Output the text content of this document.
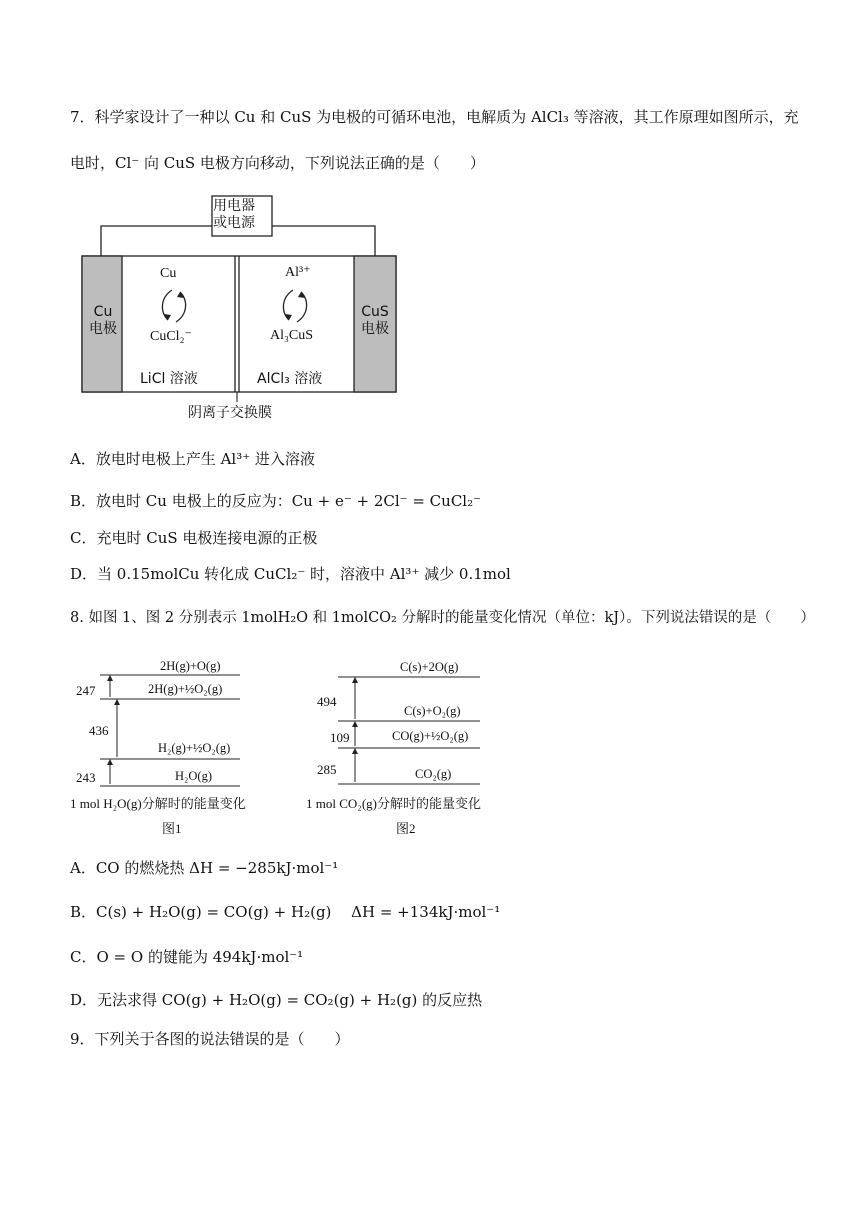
7．科学家设计了一种以 Cu 和 CuS 为电极的可循环电池，电解质为 AlCl₃ 等溶液，其工作原理如图所示，充
电时，Cl⁻ 向 CuS 电极方向移动，下列说法正确的是（　　）
用电器
或电源
Cu
电极
CuS
电极
Cu
CuCl₂⁻
Al³⁺
Al₃CuS
LiCl 溶液	AlCl₃ 溶液
阴离子交换膜
A．放电时电极上产生 Al³⁺ 进入溶液
B．放电时 Cu 电极上的反应为：Cu + e⁻ + 2Cl⁻ = CuCl₂⁻
C．充电时 CuS 电极连接电源的正极
D．当 0.15molCu 转化成 CuCl₂⁻ 时，溶液中 Al³⁺ 减少 0.1mol
8. 如图 1、图 2 分别表示 1molH₂O 和 1molCO₂ 分解时的能量变化情况（单位：kJ）。下列说法错误的是（　　）
2H(g)+O(g)
2H(g)+½O₂(g)
H₂(g)+½O₂(g)
H₂O(g)
247
436
243
1 mol H₂O(g)分解时的能量变化
图1
C(s)+2O(g)
C(s)+O₂(g)
CO(g)+½O₂(g)
CO₂(g)
494
109
285
1 mol CO₂(g)分解时的能量变化
图2
A．CO 的燃烧热 ΔH = −285kJ·mol⁻¹
B．C(s) + H₂O(g) = CO(g) + H₂(g)　 ΔH = +134kJ·mol⁻¹
C．O = O 的键能为 494kJ·mol⁻¹
D．无法求得 CO(g) + H₂O(g) = CO₂(g) + H₂(g) 的反应热
9．下列关于各图的说法错误的是（　　）
